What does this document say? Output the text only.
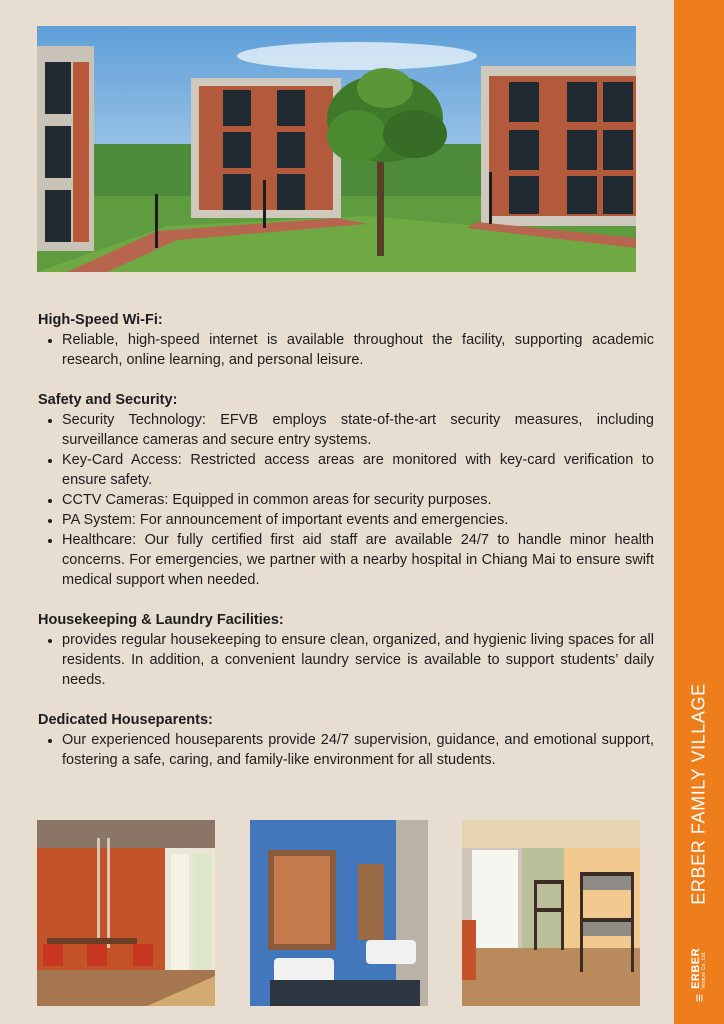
High-Speed Wi-Fi:
• Reliable, high-speed internet is available throughout the facility, supporting academic research, online learning, and personal leisure.
Safety and Security:
• Security Technology: EFVB employs state-of-the-art security measures, including surveillance cameras and secure entry systems.
• Key-Card Access: Restricted access areas are monitored with key-card verification to ensure safety.
• CCTV Cameras: Equipped in common areas for security purposes.
• PA System: For announcement of important events and emergencies.
• Healthcare: Our fully certified first aid staff are available 24/7 to handle minor health concerns. For emergencies, we partner with a nearby hospital in Chiang Mai to ensure swift medical support when needed.
Housekeeping & Laundry Facilities:
• provides regular housekeeping to ensure clean, organized, and hygienic living spaces for all residents. In addition, a convenient laundry service is available to support students’ daily needs.
Dedicated Houseparents:
• Our experienced houseparents provide 24/7 supervision, guidance, and emotional support, fostering a safe, caring, and family-like environment for all students.	ERBER FAMILY VILLAGE
≡
ERBER Venture Co., Ltd.
